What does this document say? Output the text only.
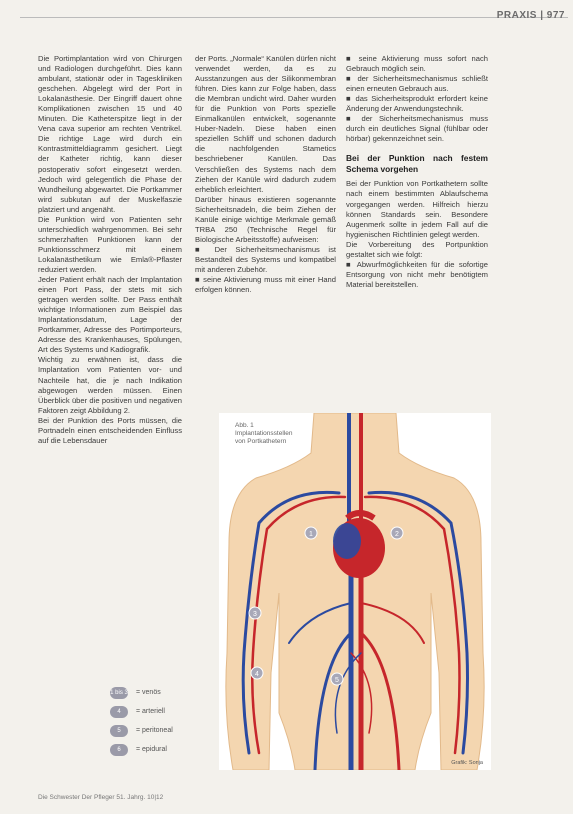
PRAXIS | 977

Die Portimplantation wird von Chirurgen und Radiologen durchgeführt. Dies kann ambulant, stationär oder in Tageskliniken geschehen. Abgelegt wird der Port in Lokalanästhesie. Der Eingriff dauert ohne Komplikationen zwischen 15 und 40 Minuten. Die Katheterspitze liegt in der Vena cava superior am rechten Ventrikel. Die richtige Lage wird durch ein Kontrastmitteldiagramm gesichert. Liegt der Katheter richtig, kann dieser postoperativ sofort eingesetzt werden. Jedoch wird gelegentlich die Phase der Wundheilung abgewartet. Die Portkammer wird subkutan auf der Muskelfaszie platziert und angenäht.

Die Punktion wird von Patienten sehr unterschiedlich wahrgenommen. Bei sehr schmerzhaften Punktionen kann der Punktionsschmerz mit einem Lokalanästhetikum wie Emla®-Pflaster reduziert werden.

Jeder Patient erhält nach der Implantation einen Port Pass, der stets mit sich getragen werden sollte. Der Pass enthält wichtige Informationen zum Beispiel das Implantationsdatum, Lage der Portkammer, Adresse des Portimporteurs, Adresse des Krankenhauses, Spülungen, Art des Systems und Kadiografik.

Wichtig zu erwähnen ist, dass die Implantation vom Patienten vor- und Nachteile hat, die je nach Indikation abgewogen werden müssen. Einen Überblick über die positiven und negativen Faktoren zeigt Abbildung 2.

Bei der Punktion des Ports müssen, die Portnadeln einen entscheidenden Einfluss auf die Lebensdauer

der Ports. „Normale“ Kanülen dürfen nicht verwendet werden, da es zu Ausstanzungen aus der Silikonmembran führen. Dies kann zur Folge haben, dass die Membran undicht wird. Daher wurden für die Punktion von Ports spezielle Einmalkanülen entwickelt, sogenannte Huber-Nadeln. Diese haben einen speziellen Schliff und schonen dadurch die nachfolgenden Stametics beschriebener Kanülen. Das Verschließen des Systems nach dem Ziehen der Kanüle wird dadurch zudem erheblich erleichtert.

Darüber hinaus existieren sogenannte Sicherheitsnadeln, die beim Ziehen der Kanüle einige wichtige Merkmale gemäß TRBA 250 (Technische Regel für Biologische Arbeitsstoffe) aufweisen:

■ Der Sicherheitsmechanismus ist Bestandteil des Systems und kompatibel mit anderen Zubehör.

■ seine Aktivierung muss mit einer Hand erfolgen können.

■ seine Aktivierung muss sofort nach Gebrauch möglich sein.

■ der Sicherheitsmechanismus schließt einen erneuten Gebrauch aus.

■ das Sicherheitsprodukt erfordert keine Änderung der Anwendungstechnik.

■ der Sicherheitsmechanismus muss durch ein deutliches Signal (fühlbar oder hörbar) gekennzeichnet sein.

Bei der Punktion nach festem Schema vorgehen

Bei der Punktion von Portkathetern sollte nach einem bestimmten Ablaufschema vorgegangen werden. Hilfreich hierzu können Standards sein. Besondere Augenmerk sollte in jedem Fall auf die hygienischen Richtlinien gelegt werden.

Die Vorbereitung des Portpunktion gestaltet sich wie folgt:

■ Abwurfmöglichkeiten für die sofortige Entsorgung von nicht mehr benötigtem Material bereitstellen.

1	2
3
4
5
Abb. 1
Implantationsstellen
von Portkathetern
Grafik: Sonja
1 bis 3 = venös
4	= arteriell
5	= peritoneal
6	= epidural
Die Schwester Der Pfleger 51. Jahrg. 10|12
